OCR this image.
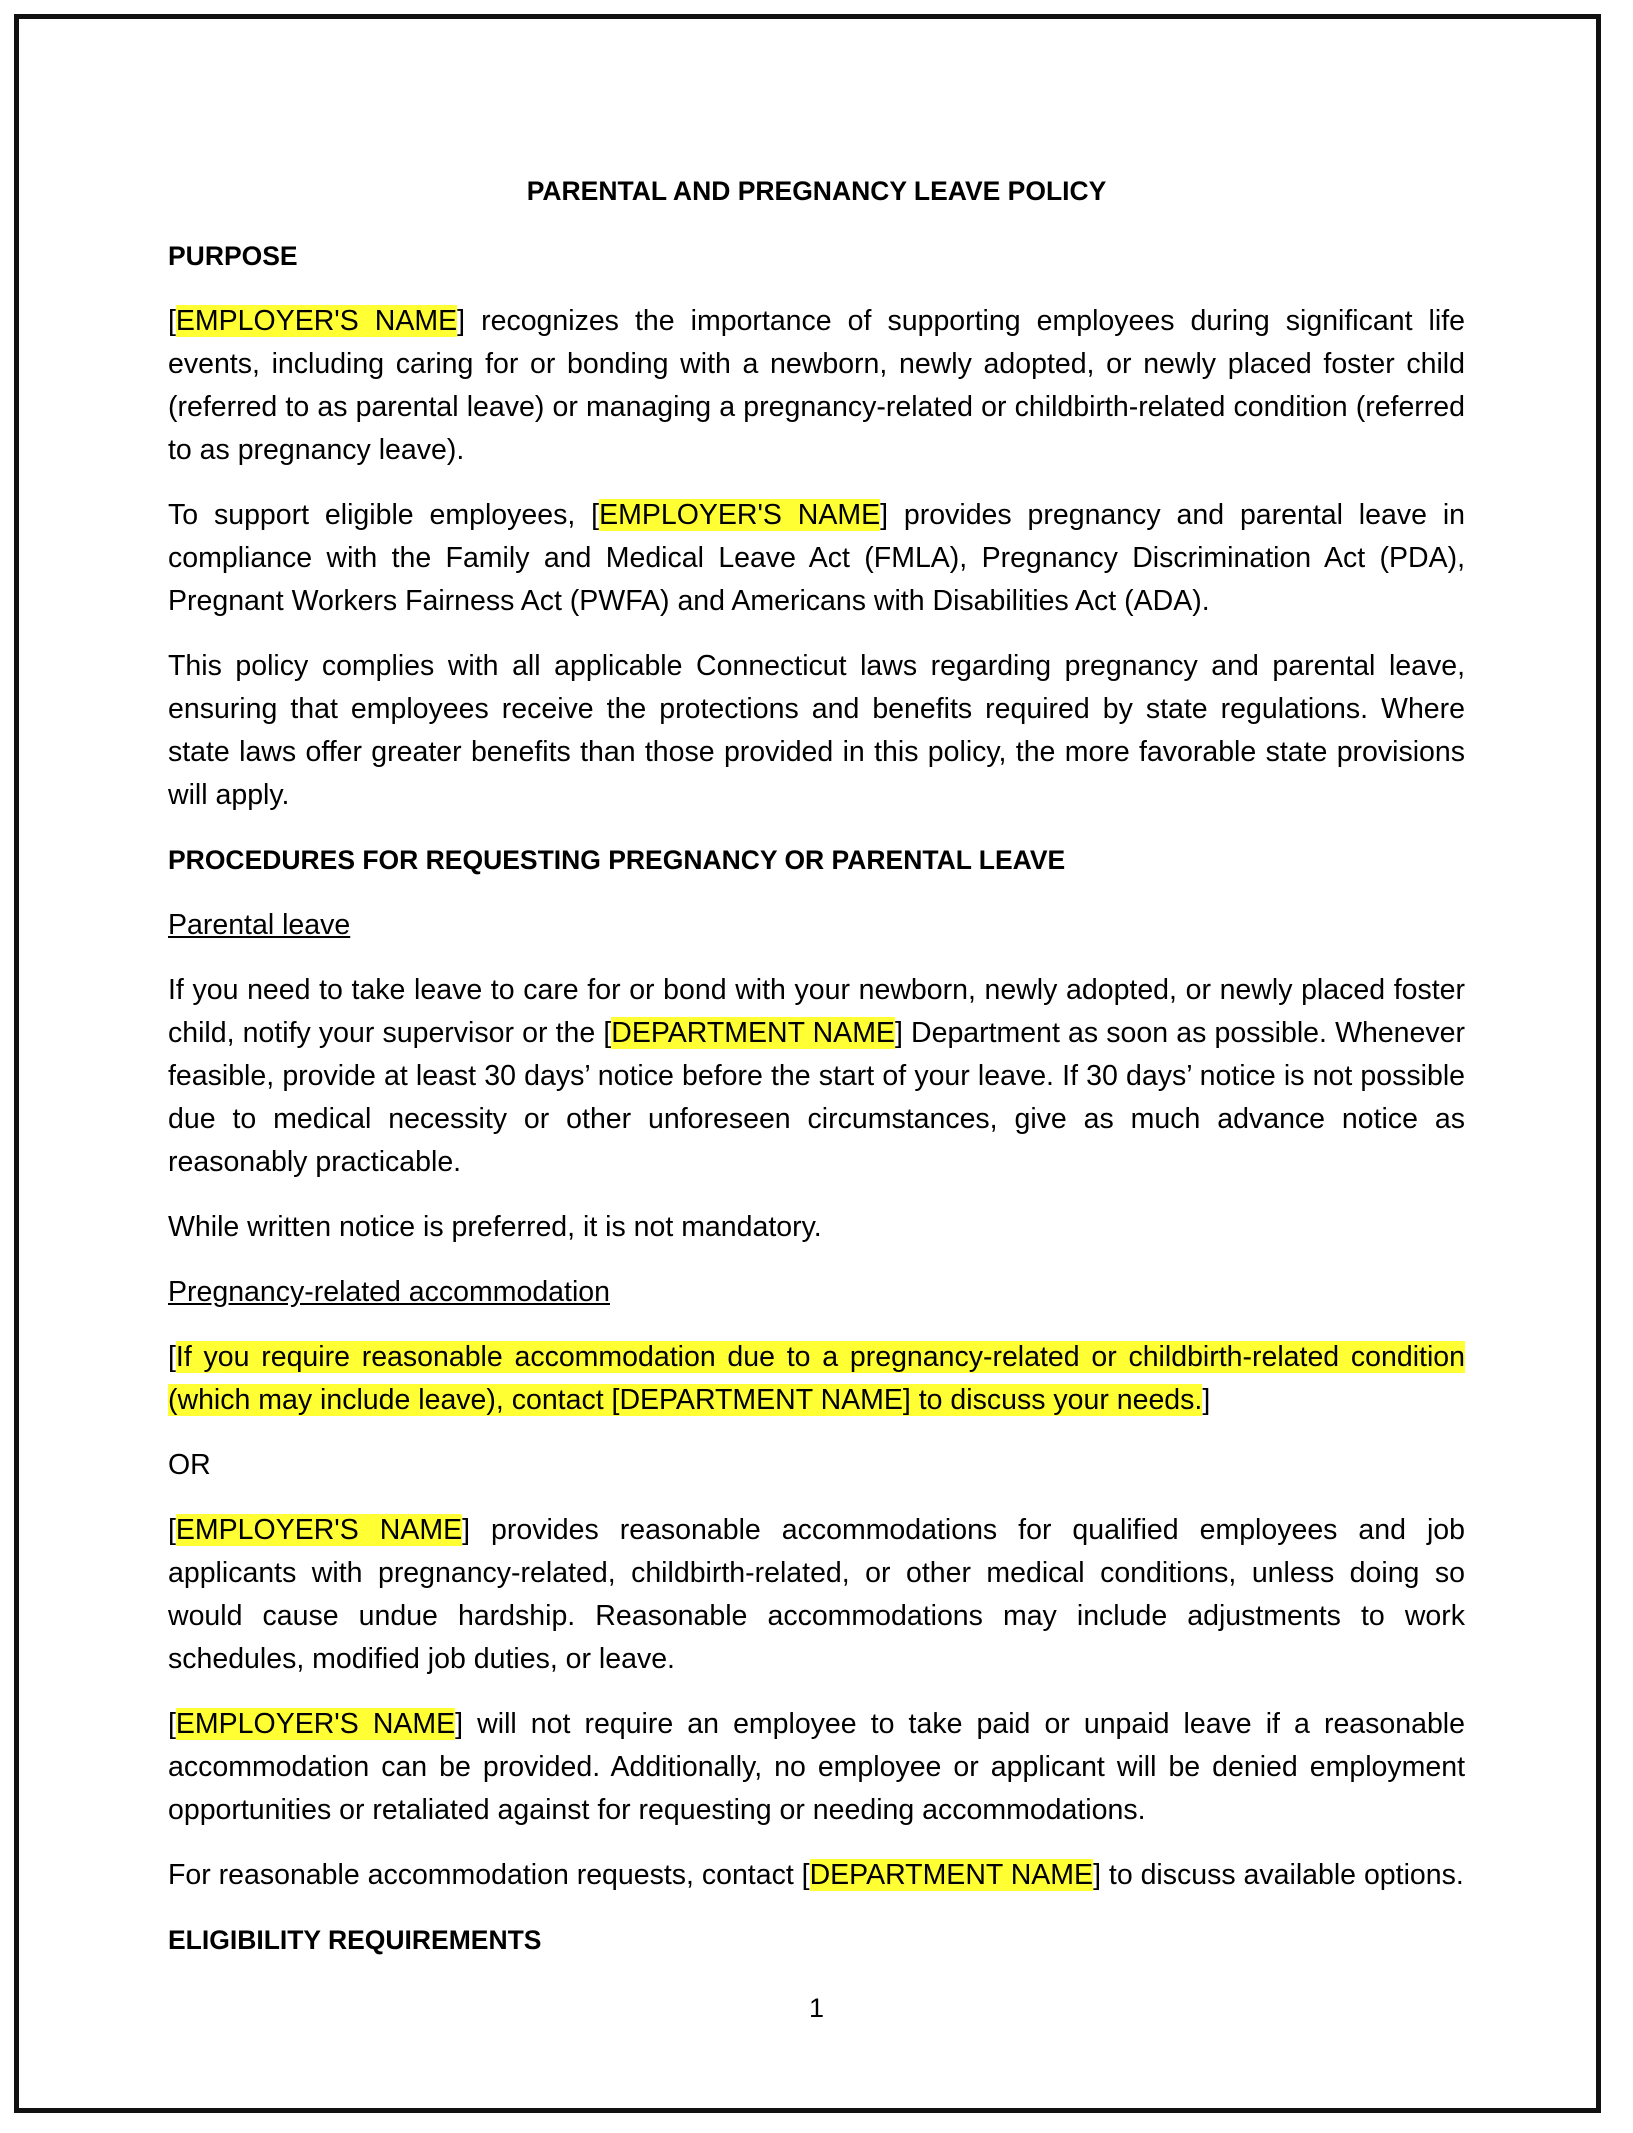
PARENTAL AND PREGNANCY LEAVE POLICY
PURPOSE

[EMPLOYER'S NAME] recognizes the importance of supporting employees during significant life events, including caring for or bonding with a newborn, newly adopted, or newly placed foster child (referred to as parental leave) or managing a pregnancy-related or childbirth-related condition (referred to as pregnancy leave).

To support eligible employees, [EMPLOYER'S NAME] provides pregnancy and parental leave in compliance with the Family and Medical Leave Act (FMLA), Pregnancy Discrimination Act (PDA), Pregnant Workers Fairness Act (PWFA) and Americans with Disabilities Act (ADA).

This policy complies with all applicable Connecticut laws regarding pregnancy and parental leave, ensuring that employees receive the protections and benefits required by state regulations. Where state laws offer greater benefits than those provided in this policy, the more favorable state provisions will apply.

PROCEDURES FOR REQUESTING PREGNANCY OR PARENTAL LEAVE
Parental leave

If you need to take leave to care for or bond with your newborn, newly adopted, or newly placed foster child, notify your supervisor or the [DEPARTMENT NAME] Department as soon as possible. Whenever feasible, provide at least 30 days’ notice before the start of your leave. If 30 days’ notice is not possible due to medical necessity or other unforeseen circumstances, give as much advance notice as reasonably practicable.

While written notice is preferred, it is not mandatory.

Pregnancy-related accommodation

[If you require reasonable accommodation due to a pregnancy-related or childbirth-related condition (which may include leave), contact [DEPARTMENT NAME] to discuss your needs.]

OR

[EMPLOYER'S NAME] provides reasonable accommodations for qualified employees and job applicants with pregnancy-related, childbirth-related, or other medical conditions, unless doing so would cause undue hardship. Reasonable accommodations may include adjustments to work schedules, modified job duties, or leave.

[EMPLOYER'S NAME] will not require an employee to take paid or unpaid leave if a reasonable accommodation can be provided. Additionally, no employee or applicant will be denied employment opportunities or retaliated against for requesting or needing accommodations.

For reasonable accommodation requests, contact [DEPARTMENT NAME] to discuss available options.

ELIGIBILITY REQUIREMENTS
1
